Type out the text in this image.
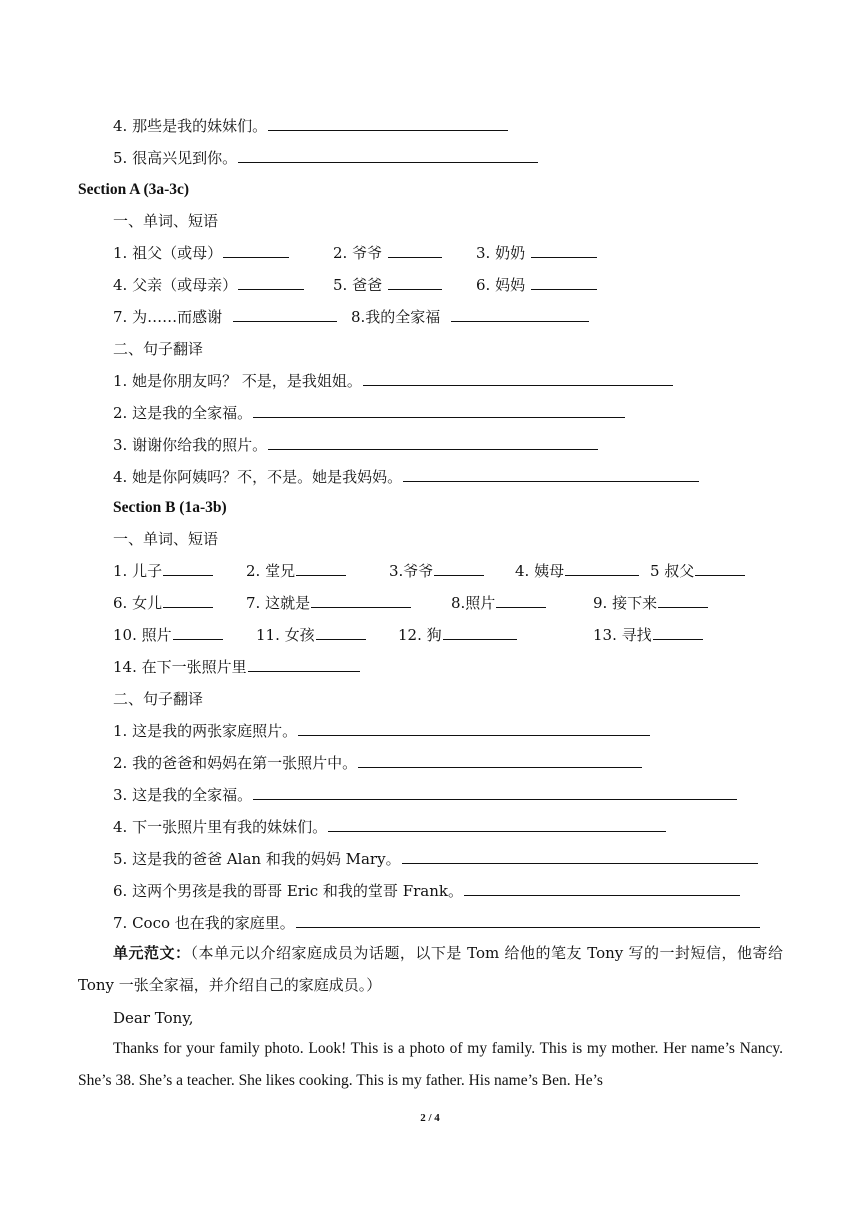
4. 那些是我的妹妹们。
5. 很高兴见到你。
Section A (3a-3c)
一、单词、短语
1. 祖父（或母）	2. 爷爷	3. 奶奶
4. 父亲（或母亲）	5. 爸爸	6. 妈妈
7. 为……而感谢	8.我的全家福
二、句子翻译
1. 她是你朋友吗？ 不是，是我姐姐。
2. 这是我的全家福。
3. 谢谢你给我的照片。
4. 她是你阿姨吗？不，不是。她是我妈妈。
Section B (1a-3b)
一、单词、短语
1. 儿子	2. 堂兄	3.爷爷	4. 姨母	5 叔父
6. 女儿	7. 这就是	8.照片	9. 接下来
10. 照片	11. 女孩	12. 狗	13. 寻找
14. 在下一张照片里
二、句子翻译
1. 这是我的两张家庭照片。
2. 我的爸爸和妈妈在第一张照片中。
3. 这是我的全家福。
4. 下一张照片里有我的妹妹们。
5. 这是我的爸爸 Alan 和我的妈妈 Mary。
6. 这两个男孩是我的哥哥 Eric 和我的堂哥 Frank。
7. Coco 也在我的家庭里。
单元范文：（本单元以介绍家庭成员为话题，以下是 Tom 给他的笔友 Tony 写的一封短信，他寄给 Tony 一张全家福，并介绍自己的家庭成员。）
Dear Tony,
Thanks for your family photo. Look! This is a photo of my family. This is my mother. Her name’s Nancy. She’s 38. She’s a teacher. She likes cooking. This is my father. His name’s Ben. He’s
2 / 4
